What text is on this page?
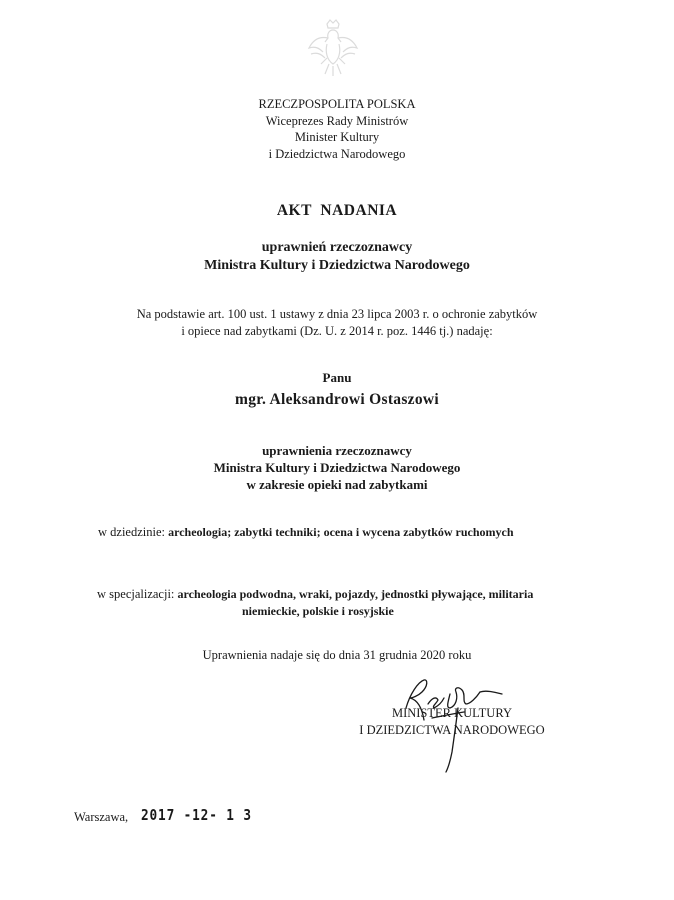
RZECZPOSPOLITA POLSKA
Wiceprezes Rady Ministrów
Minister Kultury
i Dziedzictwa Narodowego
AKT  NADANIA
uprawnień rzeczoznawcy
Ministra Kultury i Dziedzictwa Narodowego
Na podstawie art. 100 ust. 1 ustawy z dnia 23 lipca 2003 r. o ochronie zabytków
i opiece nad zabytkami (Dz. U. z 2014 r. poz. 1446 tj.) nadaję:
Panu
mgr. Aleksandrowi Ostaszowi
uprawnienia rzeczoznawcy
Ministra Kultury i Dziedzictwa Narodowego
w zakresie opieki nad zabytkami
w dziedzinie: archeologia; zabytki techniki; ocena i wycena zabytków ruchomych
w specjalizacji: archeologia podwodna, wraki, pojazdy, jednostki pływające, militaria
niemieckie, polskie i rosyjskie
Uprawnienia nadaje się do dnia 31 grudnia 2020 roku
MINISTER KULTURY
I DZIEDZICTWA NARODOWEGO
Warszawa, 2017 -12- 1 3
